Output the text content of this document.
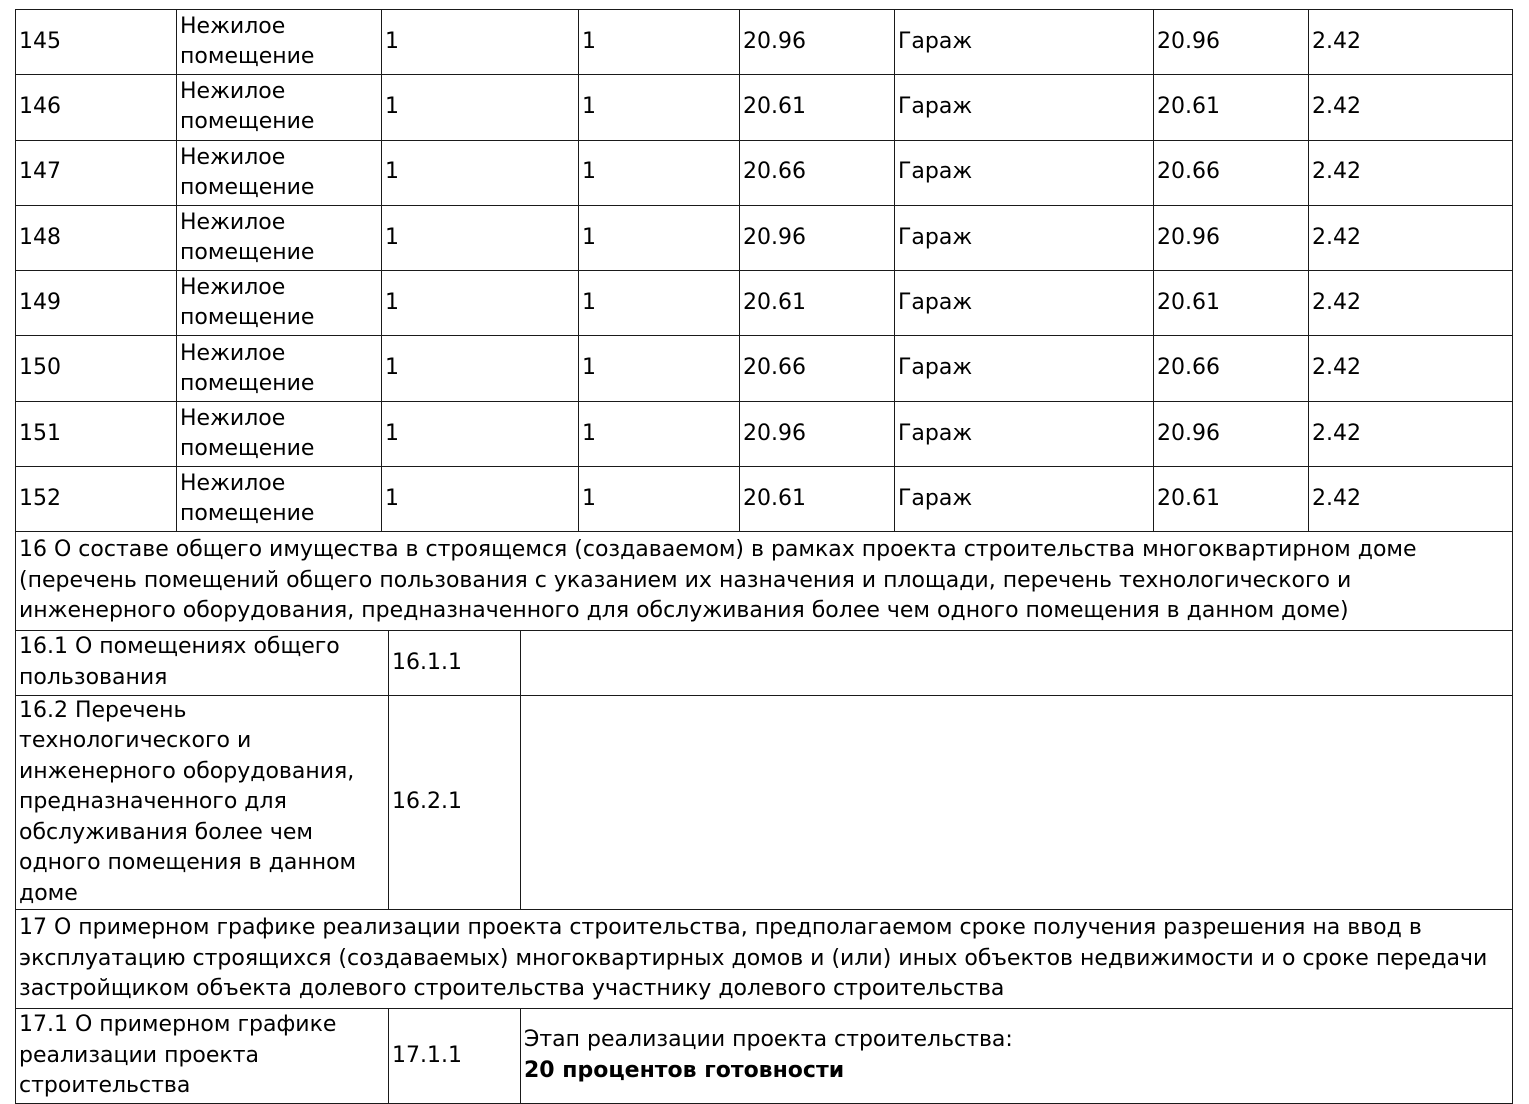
145	Нежилое помещение	1	1	20.96	Гараж	20.96	2.42
146	Нежилое помещение	1	1	20.61	Гараж	20.61	2.42
147	Нежилое помещение	1	1	20.66	Гараж	20.66	2.42
148	Нежилое помещение	1	1	20.96	Гараж	20.96	2.42
149	Нежилое помещение	1	1	20.61	Гараж	20.61	2.42
150	Нежилое помещение	1	1	20.66	Гараж	20.66	2.42
151	Нежилое помещение	1	1	20.96	Гараж	20.96	2.42
152	Нежилое помещение	1	1	20.61	Гараж	20.61	2.42
16 О составе общего имущества в строящемся (создаваемом) в рамках проекта строительства многоквартирном доме (перечень помещений общего пользования с указанием их назначения и площади, перечень технологического и инженерного оборудования, предназначенного для обслуживания более чем одного помещения в данном доме)		
16.1 О помещениях общего пользования	16.1.1	
16.2 Перечень технологического и инженерного оборудования, предназначенного для обслуживания более чем одного помещения в данном доме	16.2.1	
17 О примерном графике реализации проекта строительства, предполагаемом сроке получения разрешения на ввод в эксплуатацию строящихся (создаваемых) многоквартирных домов и (или) иных объектов недвижимости и о сроке передачи застройщиком объекта долевого строительства участнику долевого строительства		
17.1 О примерном графике реализации проекта строительства	17.1.1	Этап реализации проекта строительства:
20 процентов готовности
